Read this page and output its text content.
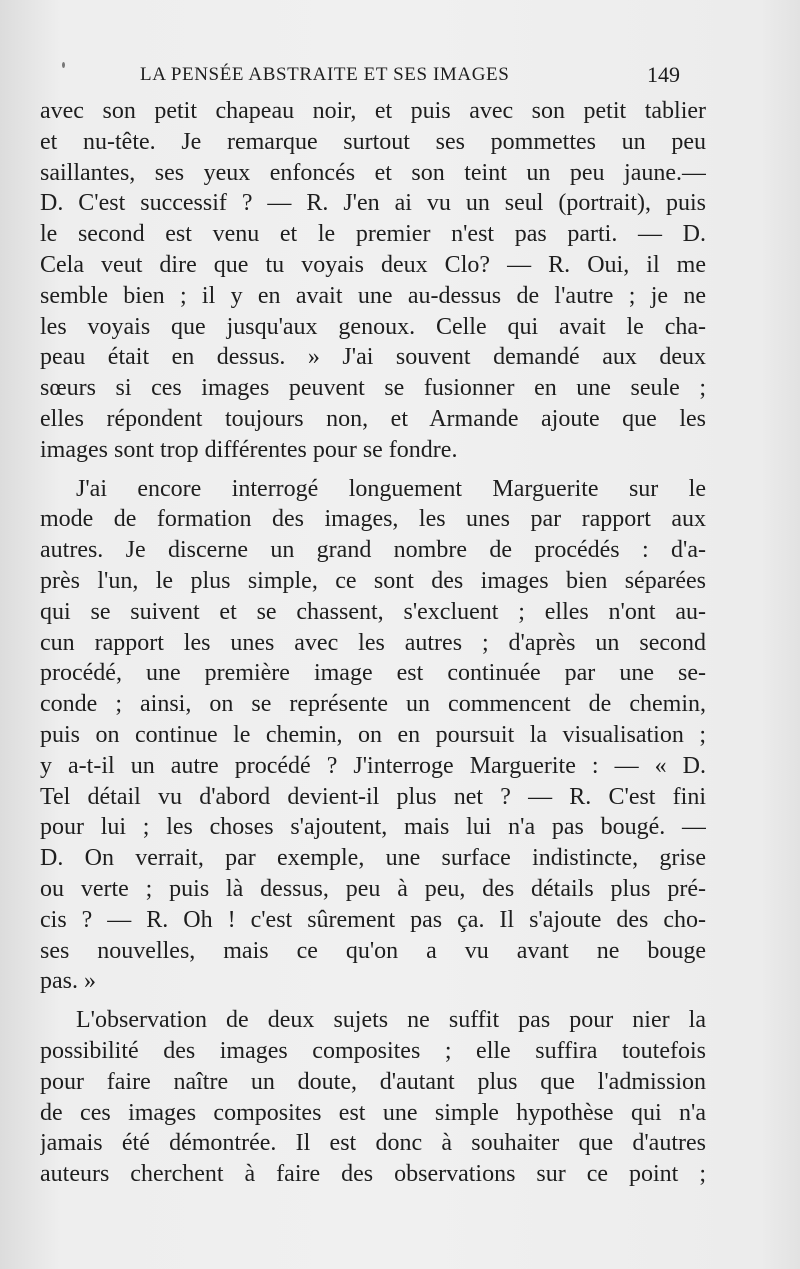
LA PENSÉE ABSTRAITE ET SES IMAGES	149
avec son petit chapeau noir, et puis avec son petit tablier
et nu-tête. Je remarque surtout ses pommettes un peu
saillantes, ses yeux enfoncés et son teint un peu jaune.—
D. C'est successif ? — R. J'en ai vu un seul (portrait), puis
le second est venu et le premier n'est pas parti. — D.
Cela veut dire que tu voyais deux Clo? — R. Oui, il me
semble bien ; il y en avait une au-dessus de l'autre ; je ne
les voyais que jusqu'aux genoux. Celle qui avait le cha-
peau était en dessus. » J'ai souvent demandé aux deux
sœurs si ces images peuvent se fusionner en une seule ;
elles répondent toujours non, et Armande ajoute que les
images sont trop différentes pour se fondre.
J'ai encore interrogé longuement Marguerite sur le
mode de formation des images, les unes par rapport aux
autres. Je discerne un grand nombre de procédés : d'a-
près l'un, le plus simple, ce sont des images bien séparées
qui se suivent et se chassent, s'excluent ; elles n'ont au-
cun rapport les unes avec les autres ; d'après un second
procédé, une première image est continuée par une se-
conde ; ainsi, on se représente un commencent de chemin,
puis on continue le chemin, on en poursuit la visualisation ;
y a-t-il un autre procédé ? J'interroge Marguerite : — « D.
Tel détail vu d'abord devient-il plus net ? — R. C'est fini
pour lui ; les choses s'ajoutent, mais lui n'a pas bougé. —
D. On verrait, par exemple, une surface indistincte, grise
ou verte ; puis là dessus, peu à peu, des détails plus pré-
cis ? — R. Oh ! c'est sûrement pas ça. Il s'ajoute des cho-
ses nouvelles, mais ce qu'on a vu avant ne bouge
pas. »
L'observation de deux sujets ne suffit pas pour nier la
possibilité des images composites ; elle suffira toutefois
pour faire naître un doute, d'autant plus que l'admission
de ces images composites est une simple hypothèse qui n'a
jamais été démontrée. Il est donc à souhaiter que d'autres
auteurs cherchent à faire des observations sur ce point ;
